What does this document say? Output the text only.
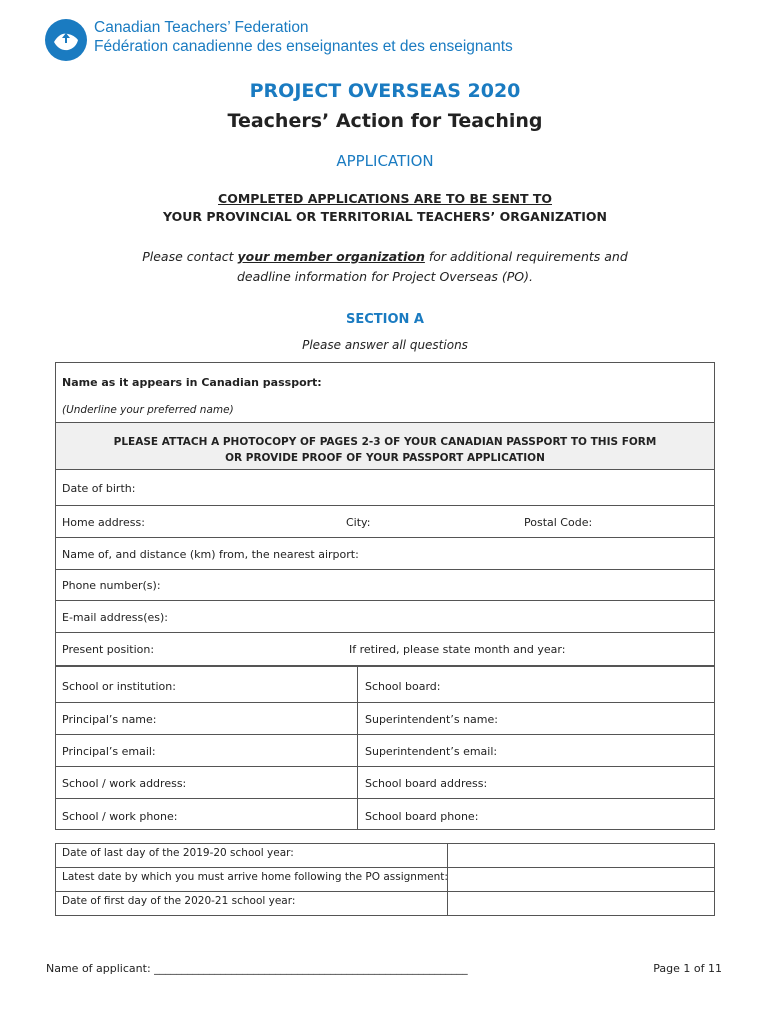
Canadian Teachers’ Federation
Fédération canadienne des enseignantes et des enseignants
PROJECT OVERSEAS 2020
Teachers’ Action for Teaching
APPLICATION
COMPLETED APPLICATIONS ARE TO BE SENT TO
YOUR PROVINCIAL OR TERRITORIAL TEACHERS’ ORGANIZATION
Please contact your member organization for additional requirements and
deadline information for Project Overseas (PO).
SECTION A
Please answer all questions
Name as it appears in Canadian passport:
(Underline your preferred name)
PLEASE ATTACH A PHOTOCOPY OF PAGES 2-3 OF YOUR CANADIAN PASSPORT TO THIS FORM
OR PROVIDE PROOF OF YOUR PASSPORT APPLICATION
Date of birth:
Home address:	City:	Postal Code:
Name of, and distance (km) from, the nearest airport:
Phone number(s):
E-mail address(es):
Present position:	If retired, please state month and year:
School or institution:	School board:
Principal’s name:	Superintendent’s name:
Principal’s email:	Superintendent’s email:
School / work address:	School board address:
School / work phone:	School board phone:
Date of last day of the 2019-20 school year:
Latest date by which you must arrive home following the PO assignment:
Date of first day of the 2020-21 school year:
Name of applicant: _________________________________________________________	Page 1 of 11
